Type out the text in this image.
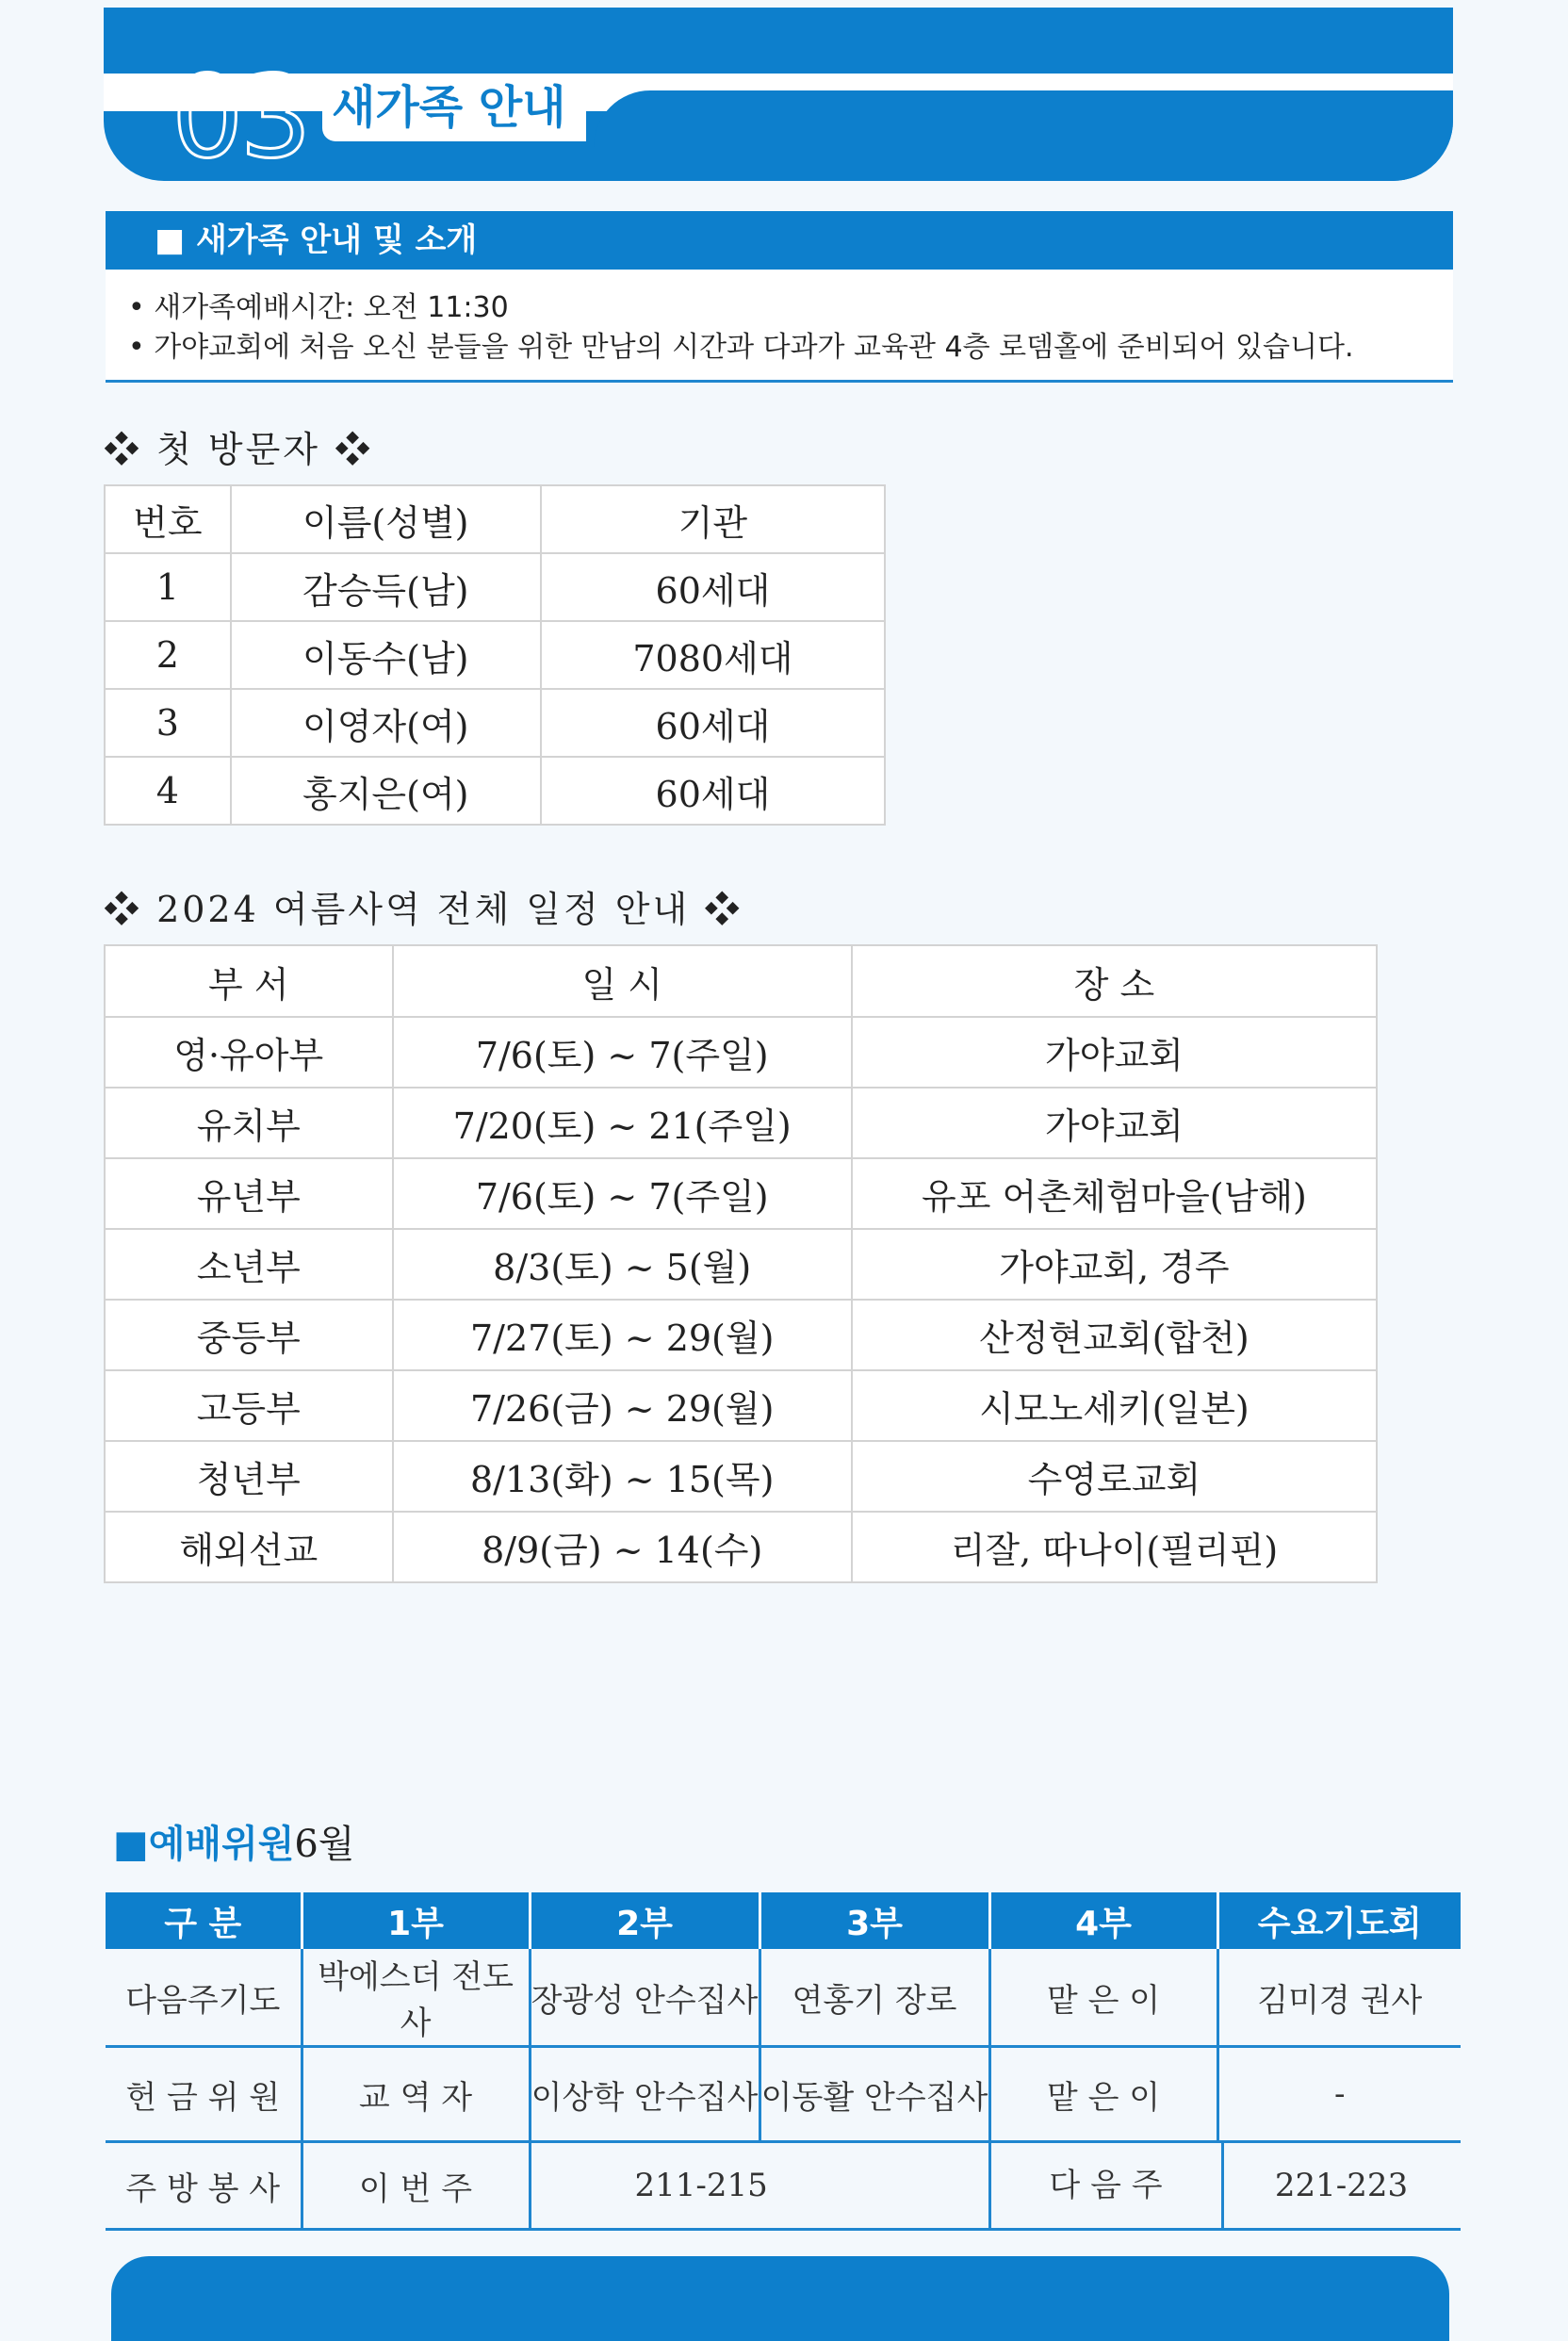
03 새가족 안내
■ 새가족 안내 및 소개
• 새가족예배시간: 오전 11:30
• 가야교회에 처음 오신 분들을 위한 만남의 시간과 다과가 교육관 4층 로뎀홀에 준비되어 있습니다.
❖ 첫 방문자 ❖
번호	이름(성별)	기관
1	감승득(남)	60세대
2	이동수(남)	7080세대
3	이영자(여)	60세대
4	홍지은(여)	60세대
❖ 2024 여름사역 전체 일정 안내 ❖
부 서	일 시	장 소
영·유아부	7/6(토) ~ 7(주일)	가야교회
유치부	7/20(토) ~ 21(주일)	가야교회
유년부	7/6(토) ~ 7(주일)	유포 어촌체험마을(남해)
소년부	8/3(토) ~ 5(월)	가야교회, 경주
중등부	7/27(토) ~ 29(월)	산정현교회(합천)
고등부	7/26(금) ~ 29(월)	시모노세키(일본)
청년부	8/13(화) ~ 15(목)	수영로교회
해외선교	8/9(금) ~ 14(수)	리잘, 따나이(필리핀)
■예배위원6월
구 분	1부	2부	3부	4부	수요기도회
다음주기도	박에스더 전도사	장광성 안수집사	연홍기 장로	맡 은 이	김미경 권사
헌 금 위 원	교 역 자	이상학 안수집사	이동활 안수집사	맡 은 이	-
주 방 봉 사	이 번 주	211-215		다 음 주 221-223	
